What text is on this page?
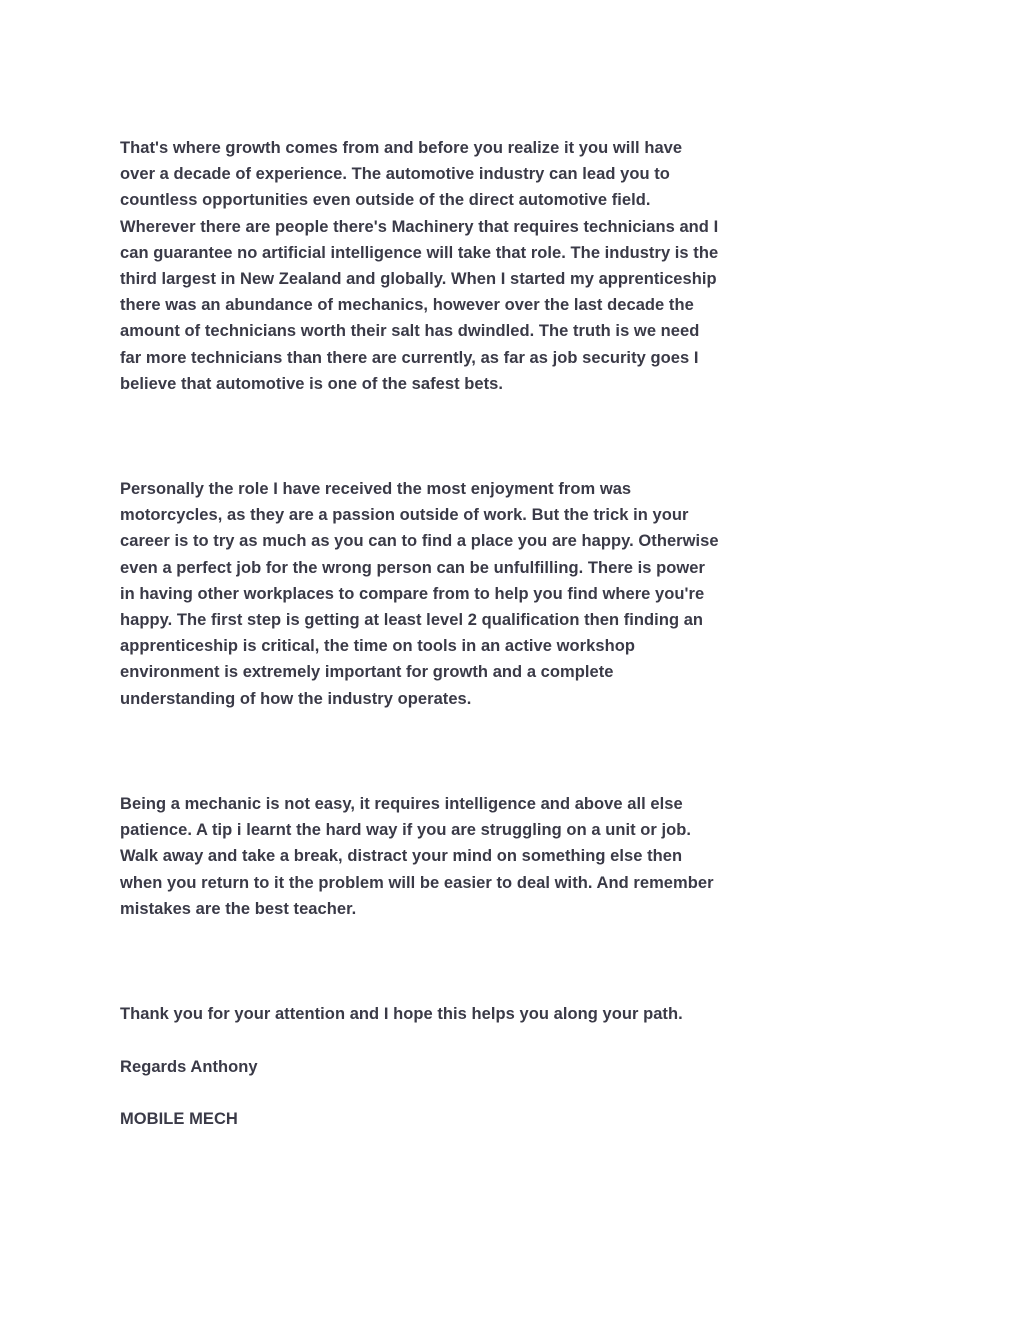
That's where growth comes from and before you realize it you will have
over a decade of experience. The automotive industry can lead you to
countless opportunities even outside of the direct automotive field.
Wherever there are people there's Machinery that requires technicians and I
can guarantee no artificial intelligence will take that role. The industry is the
third largest in New Zealand and globally. When I started my apprenticeship
there was an abundance of mechanics, however over the last decade the
amount of technicians worth their salt has dwindled. The truth is we need
far more technicians than there are currently, as far as job security goes I
believe that automotive is one of the safest bets.
Personally the role I have received the most enjoyment from was
motorcycles, as they are a passion outside of work. But the trick in your
career is to try as much as you can to find a place you are happy. Otherwise
even a perfect job for the wrong person can be unfulfilling. There is power
in having other workplaces to compare from to help you find where you're
happy. The first step is getting at least level 2 qualification then finding an
apprenticeship is critical, the time on tools in an active workshop
environment is extremely important for growth and a complete
understanding of how the industry operates.
Being a mechanic is not easy, it requires intelligence and above all else
patience. A tip i learnt the hard way if you are struggling on a unit or job.
Walk away and take a break, distract your mind on something else then
when you return to it the problem will be easier to deal with. And remember
mistakes are the best teacher.
Thank you for your attention and I hope this helps you along your path.
Regards Anthony
MOBILE MECH
